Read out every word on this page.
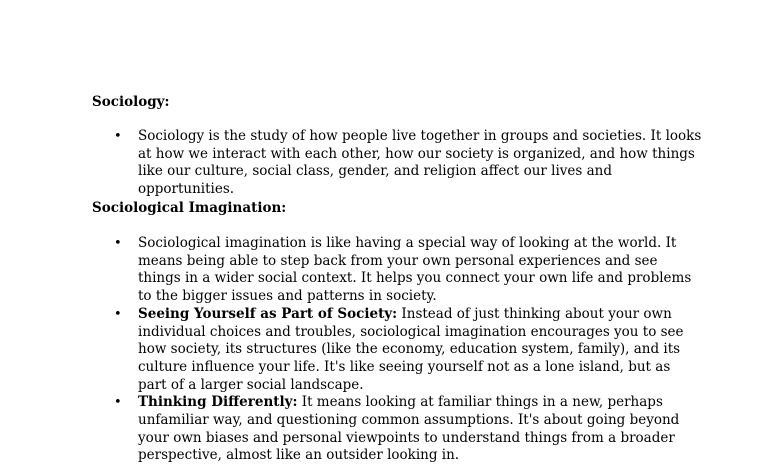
Sociology:

• Sociology is the study of how people live together in groups and societies. It looks at how we interact with each other, how our society is organized, and how things like our culture, social class, gender, and religion affect our lives and opportunities.

Sociological Imagination:

• Sociological imagination is like having a special way of looking at the world. It means being able to step back from your own personal experiences and see things in a wider social context. It helps you connect your own life and problems to the bigger issues and patterns in society.
• Seeing Yourself as Part of Society: Instead of just thinking about your own individual choices and troubles, sociological imagination encourages you to see how society, its structures (like the economy, education system, family), and its culture influence your life. It's like seeing yourself not as a lone island, but as part of a larger social landscape.
• Thinking Differently: It means looking at familiar things in a new, perhaps unfamiliar way, and questioning common assumptions. It's about going beyond your own biases and personal viewpoints to understand things from a broader perspective, almost like an outsider looking in.
